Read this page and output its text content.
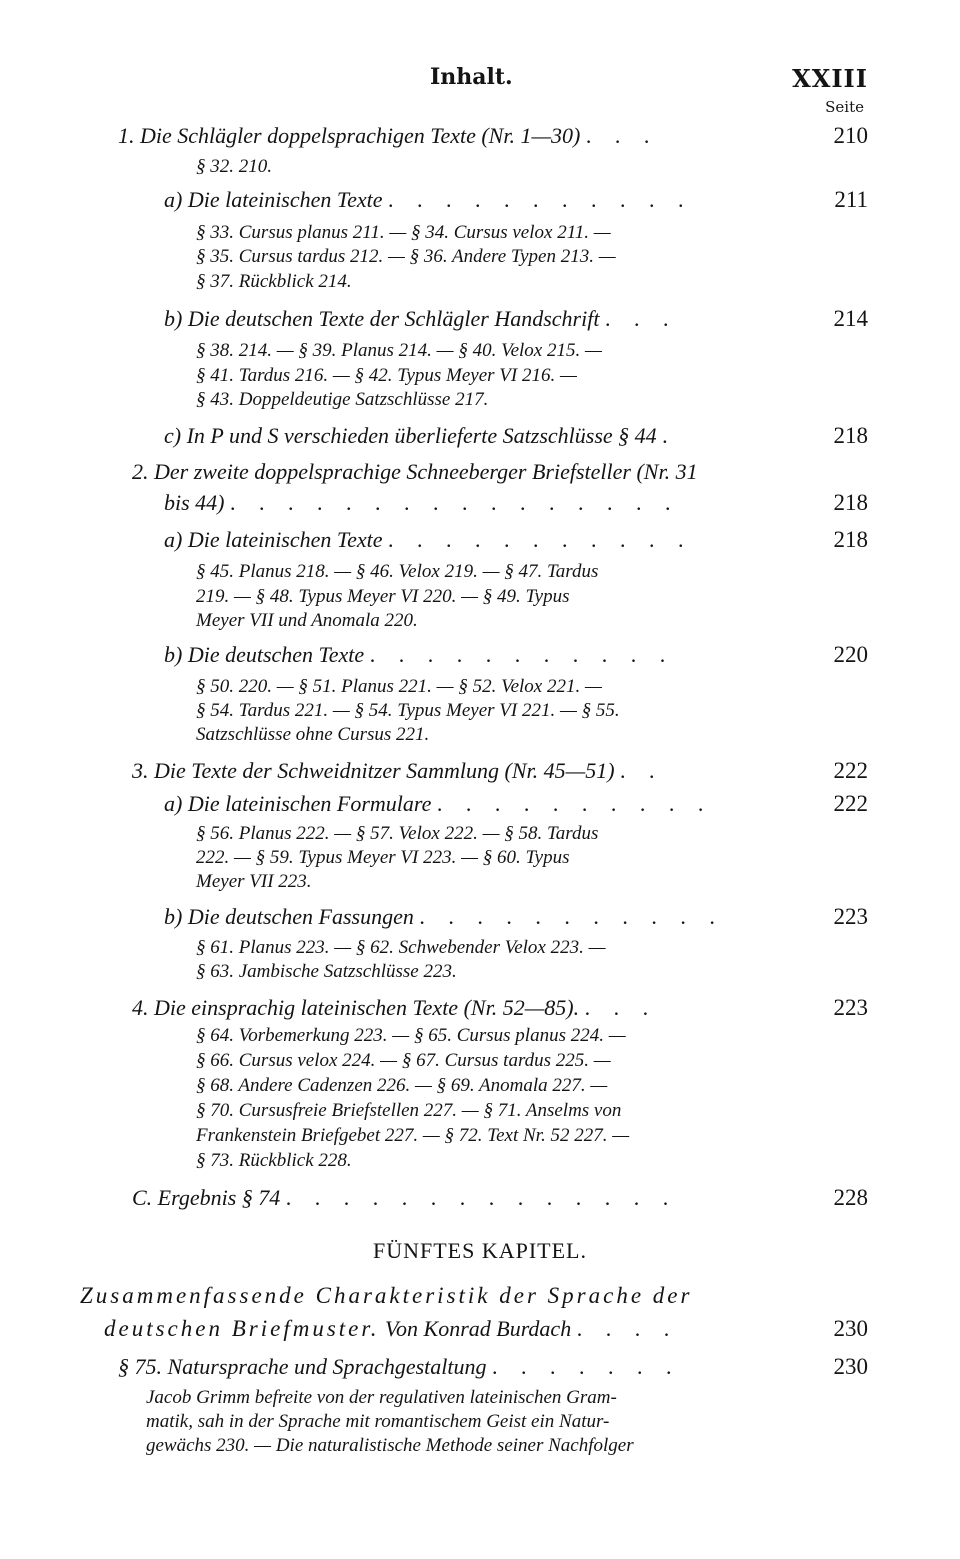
Inhalt.	XXIII
Seite
1. Die Schlägler doppelsprachigen Texte (Nr. 1—30) . . .	210
§ 32. 210.
a) Die lateinischen Texte . . . . . . . . . . .	211
§ 33. Cursus planus 211. — § 34. Cursus velox 211. —
§ 35. Cursus tardus 212. — § 36. Andere Typen 213. —
§ 37. Rückblick 214.
b) Die deutschen Texte der Schlägler Handschrift . . .	214
§ 38. 214. — § 39. Planus 214. — § 40. Velox 215. —
§ 41. Tardus 216. — § 42. Typus Meyer VI 216. —
§ 43. Doppeldeutige Satzschlüsse 217.
c) In P und S verschieden überlieferte Satzschlüsse § 44 .	218
2. Der zweite doppelsprachige Schneeberger Briefsteller (Nr. 31
bis 44) . . . . . . . . . . . . . . . .	218
a) Die lateinischen Texte . . . . . . . . . . .	218
§ 45. Planus 218. — § 46. Velox 219. — § 47. Tardus
219. — § 48. Typus Meyer VI 220. — § 49. Typus
Meyer VII und Anomala 220.
b) Die deutschen Texte . . . . . . . . . . .	220
§ 50. 220. — § 51. Planus 221. — § 52. Velox 221. —
§ 54. Tardus 221. — § 54. Typus Meyer VI 221. — § 55.
Satzschlüsse ohne Cursus 221.
3. Die Texte der Schweidnitzer Sammlung (Nr. 45—51) . .	222
a) Die lateinischen Formulare . . . . . . . . . .	222
§ 56. Planus 222. — § 57. Velox 222. — § 58. Tardus
222. — § 59. Typus Meyer VI 223. — § 60. Typus
Meyer VII 223.
b) Die deutschen Fassungen . . . . . . . . . . .	223
§ 61. Planus 223. — § 62. Schwebender Velox 223. —
§ 63. Jambische Satzschlüsse 223.
4. Die einsprachig lateinischen Texte (Nr. 52—85). . . .	223
§ 64. Vorbemerkung 223. — § 65. Cursus planus 224. —
§ 66. Cursus velox 224. — § 67. Cursus tardus 225. —
§ 68. Andere Cadenzen 226. — § 69. Anomala 227. —
§ 70. Cursusfreie Briefstellen 227. — § 71. Anselms von
Frankenstein Briefgebet 227. — § 72. Text Nr. 52 227. —
§ 73. Rückblick 228.
C. Ergebnis § 74 . . . . . . . . . . . . . .	228
FÜNFTES KAPITEL.
Zusammenfassende Charakteristik der Sprache der
deutschen Briefmuster. Von Konrad Burdach . . . .	230
§ 75. Natursprache und Sprachgestaltung . . . . . . .	230
Jacob Grimm befreite von der regulativen lateinischen Gram-
matik, sah in der Sprache mit romantischem Geist ein Natur-
gewächs 230. — Die naturalistische Methode seiner Nachfolger
